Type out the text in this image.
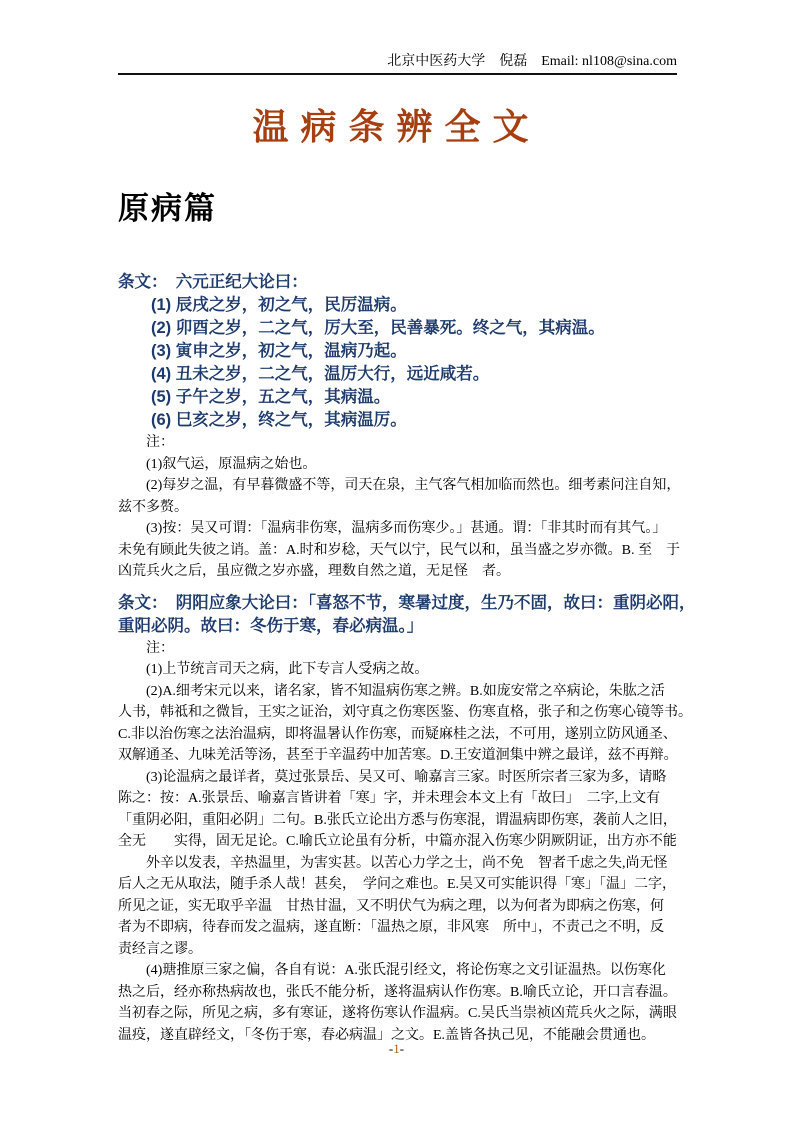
北京中医药大学 倪磊 Email: nl108@sina.com
温病条辨全文
原病篇
条文：　六元正纪大论曰：
　　(1) 辰戌之岁，初之气，民厉温病。
　　(2) 卯酉之岁，二之气，厉大至，民善暴死。终之气，其病温。
　　(3) 寅申之岁，初之气，温病乃起。
　　(4) 丑未之岁，二之气，温厉大行，远近咸若。
　　(5) 子午之岁，五之气，其病温。
　　(6) 巳亥之岁，终之气，其病温厉。
　　注：
　　(1)叙气运，原温病之始也。
　　(2)每岁之温，有早暮微盛不等，司天在泉，主气客气相加临而然也。细考素问注自知，
兹不多赘。
　　(3)按：吴又可谓：「温病非伤寒，温病多而伤寒少。」甚通。谓：「非其时而有其气。」
未免有顾此失彼之诮。盖：A.时和岁稔，天气以宁，民气以和，虽当盛之岁亦微。B. 至　于
凶荒兵火之后，虽应微之岁亦盛，理数自然之道，无足怪　者。
条文：　阴阳应象大论曰：「喜怒不节，寒暑过度，生乃不固，故曰：重阴必阳，
重阳必阴。故曰：冬伤于寒，春必病温。」
　　注：
　　(1)上节统言司天之病，此下专言人受病之故。
　　(2)A.细考宋元以来，诸名家，皆不知温病伤寒之辨。B.如庞安常之卒病论，朱肱之活
人书，韩祗和之微旨，王实之证治，刘守真之伤寒医鉴、伤寒直格，张子和之伤寒心镜等书。
C.非以治伤寒之法治温病，即将温暑认作伤寒，而疑麻桂之法，不可用，遂别立防风通圣、
双解通圣、九味羌活等汤，甚至于辛温药中加苦寒。D.王安道洄集中辨之最详，兹不再辩。
　　(3)论温病之最详者，莫过张景岳、吴又可、喻嘉言三家。时医所宗者三家为多，请略
陈之：按：A.张景岳、喻嘉言皆讲着「寒」字，并未理会本文上有「故曰」　二字,上文有
「重阴必阳，重阳必阴」二句。B.张氏立论出方悉与伤寒混，谓温病即伤寒，袭前人之旧，
全无　　实得，固无足论。C.喻氏立论虽有分析，中篇亦混入伤寒少阴厥阴证，出方亦不能
　　外辛以发表，辛热温里，为害实甚。以苦心力学之士，尚不免　智者千虑之失,尚无怪
后人之无从取法，随手杀人哉！甚矣，　学问之难也。E.吴又可实能识得「寒」「温」二字，
所见之证，实无取乎辛温　甘热甘温，又不明伏气为病之理，以为何者为即病之伤寒，何
者为不即病，待春而发之温病，遂直断：「温热之原，非风寒　所中」，不责己之不明，反
责经言之谬。
　　(4)瑭推原三家之偏，各自有说：A.张氏混引经文，将论伤寒之文引证温热。以伤寒化
热之后，经亦称热病故也，张氏不能分析，遂将温病认作伤寒。B.喻氏立论，开口言春温。
当初春之际，所见之病，多有寒证，遂将伤寒认作温病。C.吴氏当崇祯凶荒兵火之际，满眼
温疫，遂直辟经文，「冬伤于寒，春必病温」之文。E.盖皆各执己见，不能融会贯通也。
-1-
